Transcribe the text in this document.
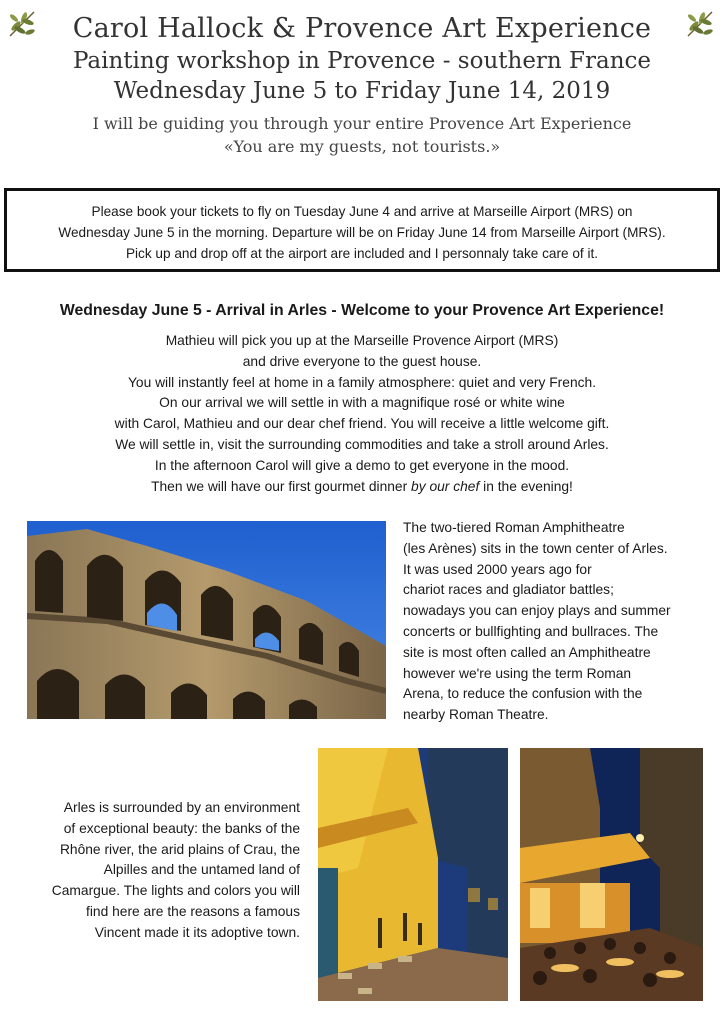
Carol Hallock & Provence Art Experience
Painting workshop in Provence - southern France
Wednesday June 5 to Friday June 14, 2019
I will be guiding you through your entire Provence Art Experience
«You are my guests, not tourists.»
Please book your tickets to fly on Tuesday June 4 and arrive at Marseille Airport (MRS) on
Wednesday June 5 in the morning. Departure will be on Friday June 14 from Marseille Airport (MRS).
Pick up and drop off at the airport are included and I personnaly take care of it.
Wednesday June 5 - Arrival in Arles - Welcome to your Provence Art Experience!
Mathieu will pick you up at the Marseille Provence Airport (MRS)
and drive everyone to the guest house.
You will instantly feel at home in a family atmosphere: quiet and very French.
On our arrival we will settle in with a magnifique rosé or white wine
with Carol, Mathieu and our dear chef friend. You will receive a little welcome gift.
We will settle in, visit the surrounding commodities and take a stroll around Arles.
In the afternoon Carol will give a demo to get everyone in the mood.
Then we will have our first gourmet dinner by our chef in the evening!
The two-tiered Roman Amphitheatre
(les Arènes) sits in the town center of Arles.
It was used 2000 years ago for
chariot races and gladiator battles;
nowadays you can enjoy plays and summer
concerts or bullfighting and bullraces. The
site is most often called an Amphitheatre
however we're using the term Roman
Arena, to reduce the confusion with the
nearby Roman Theatre.
Arles is surrounded by an environment
of exceptional beauty: the banks of the
Rhône river, the arid plains of Crau, the
Alpilles and the untamed land of
Camargue. The lights and colors you will
find here are the reasons a famous
Vincent made it its adoptive town.
